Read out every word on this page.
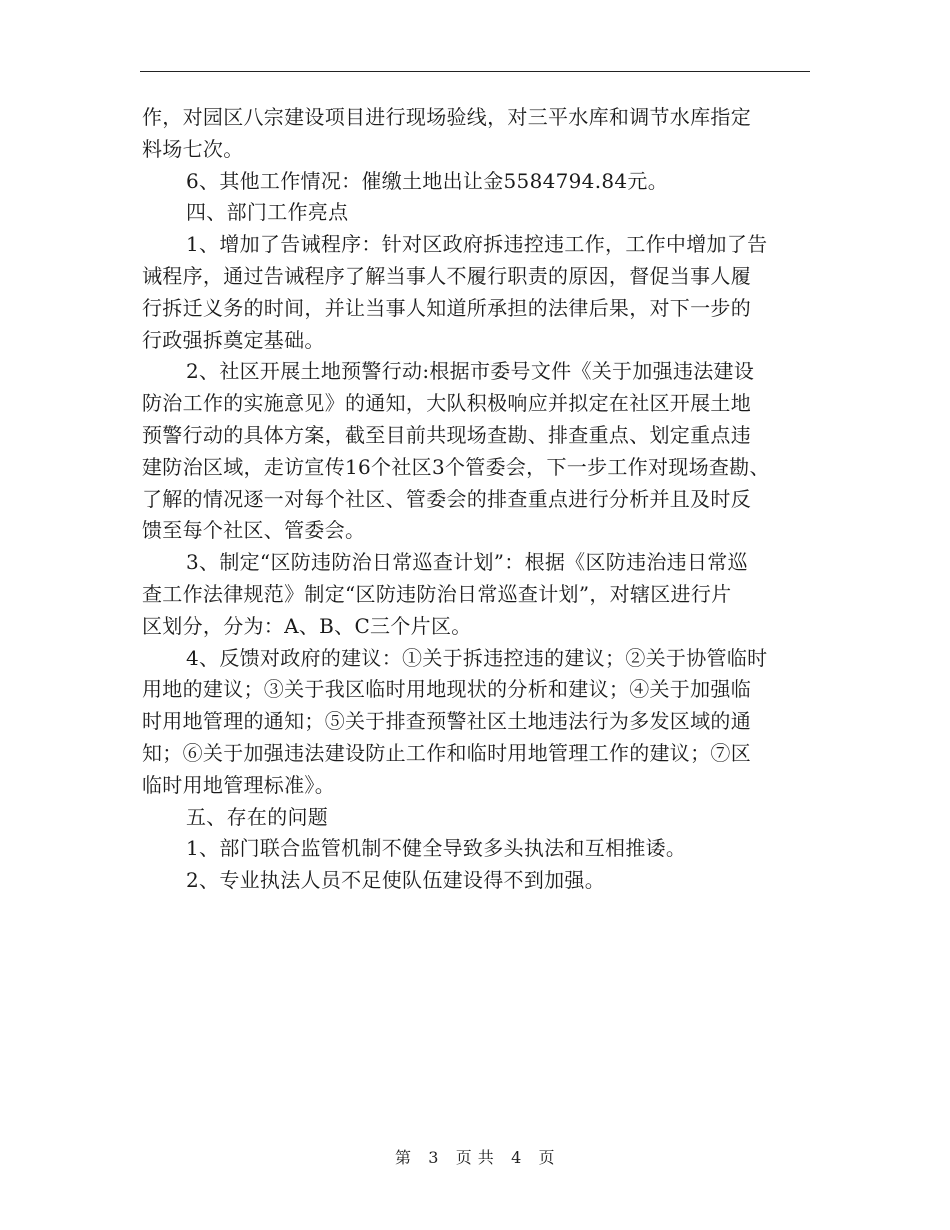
作，对园区八宗建设项目进行现场验线，对三平水库和调节水库指定
料场七次。
6、其他工作情况：催缴土地出让金5584794.84元。
四、部门工作亮点
1、增加了告诫程序：针对区政府拆违控违工作，工作中增加了告
诫程序，通过告诫程序了解当事人不履行职责的原因，督促当事人履
行拆迁义务的时间，并让当事人知道所承担的法律后果，对下一步的
行政强拆奠定基础。
2、社区开展土地预警行动:根据市委号文件《关于加强违法建设
防治工作的实施意见》的通知，大队积极响应并拟定在社区开展土地
预警行动的具体方案，截至目前共现场查勘、排查重点、划定重点违
建防治区域，走访宣传16个社区3个管委会，下一步工作对现场查勘、
了解的情况逐一对每个社区、管委会的排查重点进行分析并且及时反
馈至每个社区、管委会。
3、制定“区防违防治日常巡查计划”：根据《区防违治违日常巡
查工作法律规范》制定“区防违防治日常巡查计划”，对辖区进行片
区划分，分为：A、B、C三个片区。
4、反馈对政府的建议：①关于拆违控违的建议；②关于协管临时
用地的建议；③关于我区临时用地现状的分析和建议；④关于加强临
时用地管理的通知；⑤关于排查预警社区土地违法行为多发区域的通
知；⑥关于加强违法建设防止工作和临时用地管理工作的建议；⑦区
临时用地管理标准》。
五、存在的问题
1、部门联合监管机制不健全导致多头执法和互相推诿。
2、专业执法人员不足使队伍建设得不到加强。
第 3 页 共 4 页
